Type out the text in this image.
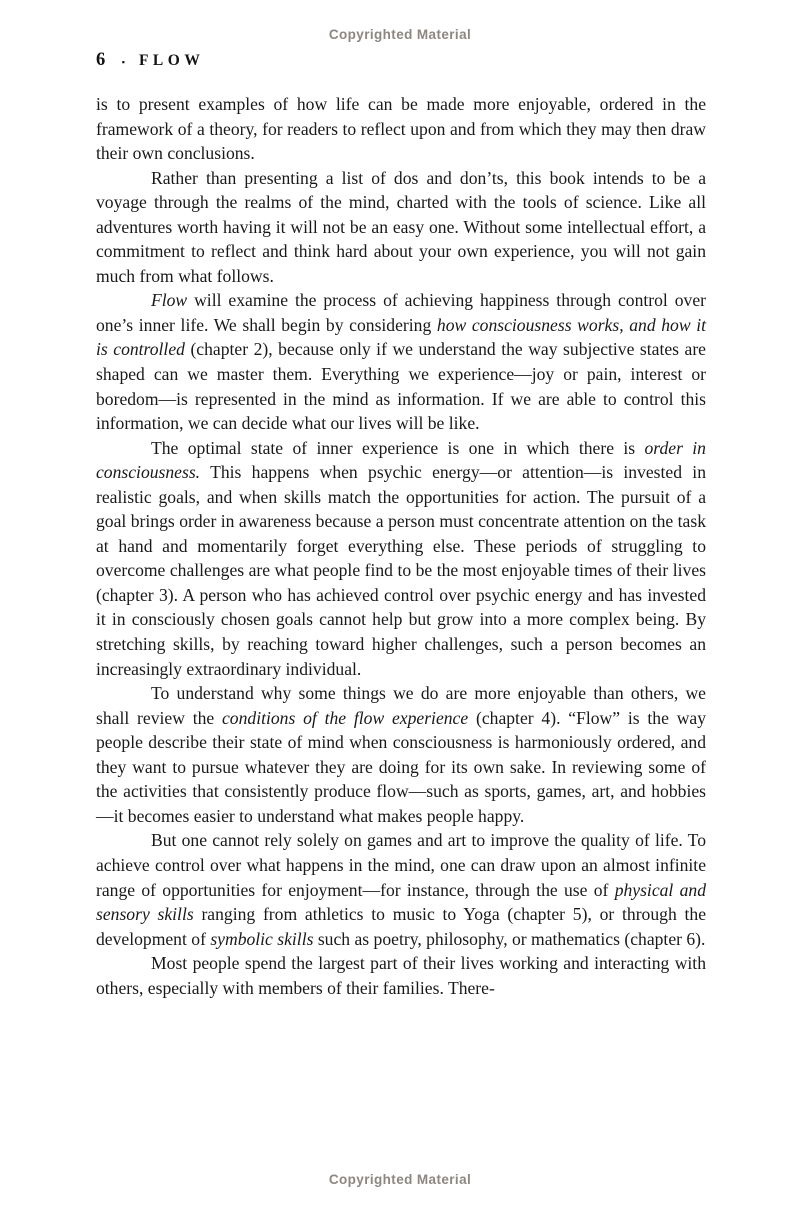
Copyrighted Material
6 ▪ FLOW

is to present examples of how life can be made more enjoyable, ordered in the framework of a theory, for readers to reflect upon and from which they may then draw their own conclusions.

Rather than presenting a list of dos and don’ts, this book intends to be a voyage through the realms of the mind, charted with the tools of science. Like all adventures worth having it will not be an easy one. Without some intellectual effort, a commitment to reflect and think hard about your own experience, you will not gain much from what follows.

Flow will examine the process of achieving happiness through control over one’s inner life. We shall begin by considering how consciousness works, and how it is controlled (chapter 2), because only if we understand the way subjective states are shaped can we master them. Everything we experience—joy or pain, interest or boredom—is represented in the mind as information. If we are able to control this information, we can decide what our lives will be like.

The optimal state of inner experience is one in which there is order in consciousness. This happens when psychic energy—or attention—is invested in realistic goals, and when skills match the opportunities for action. The pursuit of a goal brings order in awareness because a person must concentrate attention on the task at hand and momentarily forget everything else. These periods of struggling to overcome challenges are what people find to be the most enjoyable times of their lives (chapter 3). A person who has achieved control over psychic energy and has invested it in consciously chosen goals cannot help but grow into a more complex being. By stretching skills, by reaching toward higher challenges, such a person becomes an increasingly extraordinary individual.

To understand why some things we do are more enjoyable than others, we shall review the conditions of the flow experience (chapter 4). “Flow” is the way people describe their state of mind when consciousness is harmoniously ordered, and they want to pursue whatever they are doing for its own sake. In reviewing some of the activities that consistently produce flow—such as sports, games, art, and hobbies—it becomes easier to understand what makes people happy.

But one cannot rely solely on games and art to improve the quality of life. To achieve control over what happens in the mind, one can draw upon an almost infinite range of opportunities for enjoyment—for instance, through the use of physical and sensory skills ranging from athletics to music to Yoga (chapter 5), or through the development of symbolic skills such as poetry, philosophy, or mathematics (chapter 6).

Most people spend the largest part of their lives working and interacting with others, especially with members of their families. There-

Copyrighted Material
